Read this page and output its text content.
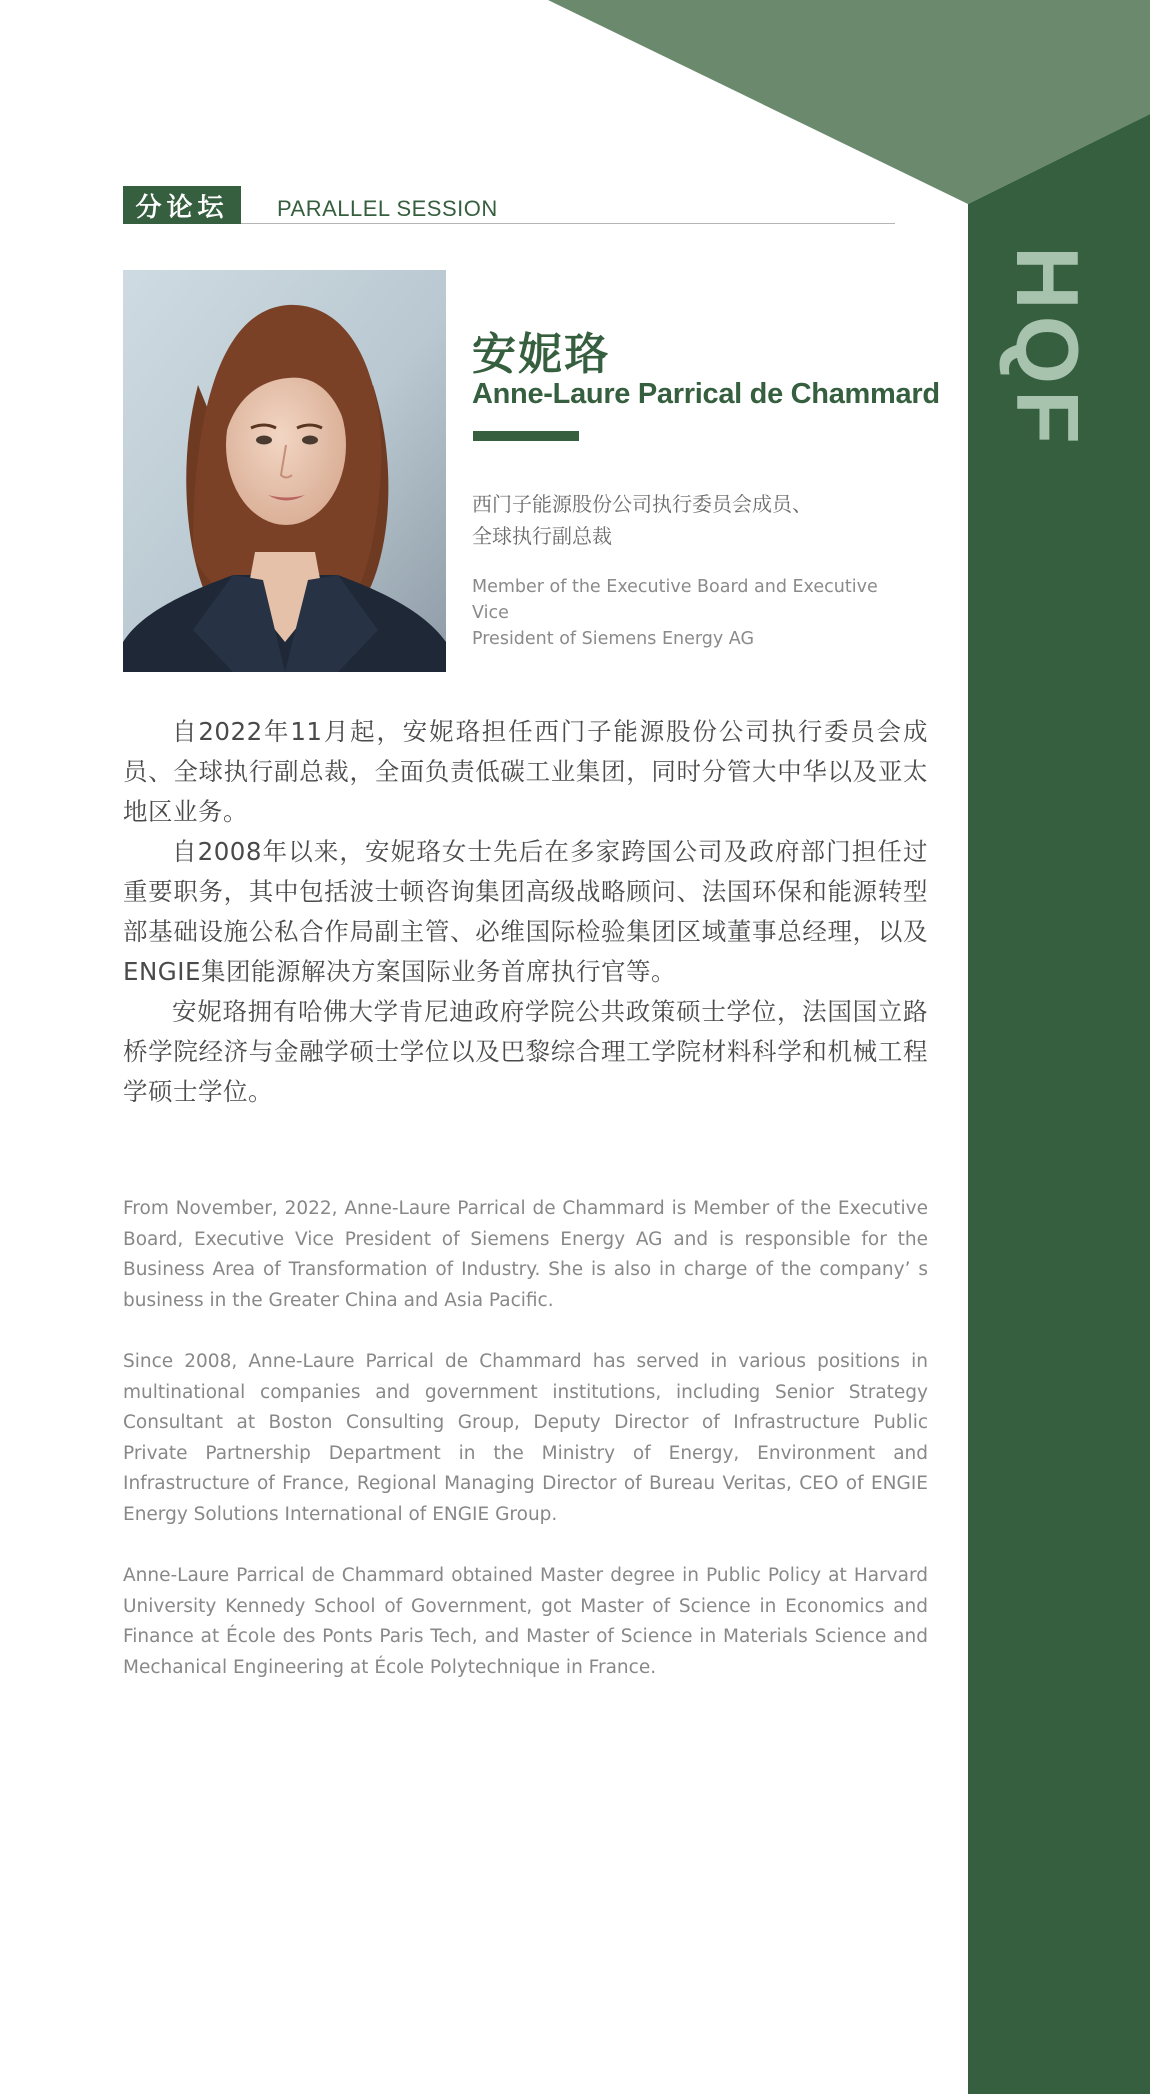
HQF
分论坛	PARALLEL SESSION
安妮珞
Anne-Laure Parrical de Chammard
西门子能源股份公司执行委员会成员、
全球执行副总裁
Member of the Executive Board and Executive Vice
President of Siemens Energy AG

自2022年11月起，安妮珞担任西门子能源股份公司执行委员会成员、全球执行副总裁，全面负责低碳工业集团，同时分管大中华以及亚太地区业务。

自2008年以来，安妮珞女士先后在多家跨国公司及政府部门担任过重要职务，其中包括波士顿咨询集团高级战略顾问、法国环保和能源转型部基础设施公私合作局副主管、必维国际检验集团区域董事总经理，以及ENGIE集团能源解决方案国际业务首席执行官等。

安妮珞拥有哈佛大学肯尼迪政府学院公共政策硕士学位，法国国立路桥学院经济与金融学硕士学位以及巴黎综合理工学院材料科学和机械工程学硕士学位。

From November, 2022, Anne-Laure Parrical de Chammard is Member of the Executive Board, Executive Vice President of Siemens Energy AG and is responsible for the Business Area of Transformation of Industry. She is also in charge of the company’ s business in the Greater China and Asia Pacific.

Since 2008, Anne-Laure Parrical de Chammard has served in various positions in multinational companies and government institutions, including Senior Strategy Consultant at Boston Consulting Group, Deputy Director of Infrastructure Public Private Partnership Department in the Ministry of Energy, Environment and Infrastructure of France, Regional Managing Director of Bureau Veritas, CEO of ENGIE Energy Solutions International of ENGIE Group.

Anne-Laure Parrical de Chammard obtained Master degree in Public Policy at Harvard University Kennedy School of Government, got Master of Science in Economics and Finance at École des Ponts Paris Tech, and Master of Science in Materials Science and Mechanical Engineering at École Polytechnique in France.
